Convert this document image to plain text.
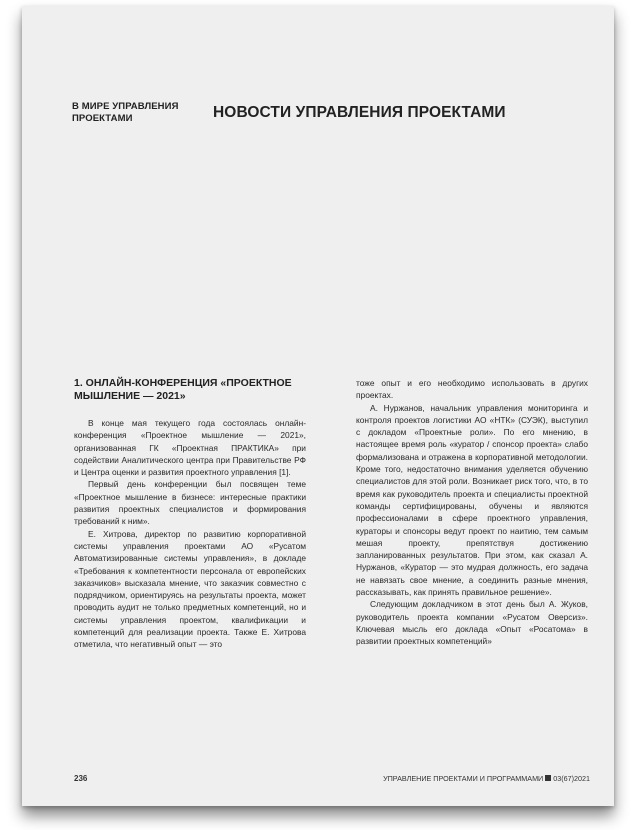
В МИРЕ УПРАВЛЕНИЯ
ПРОЕКТАМИ	НОВОСТИ УПРАВЛЕНИЯ ПРОЕКТАМИ
1. ОНЛАЙН-КОНФЕРЕНЦИЯ «ПРОЕКТНОЕ МЫШЛЕНИЕ — 2021»

В конце мая текущего года состоялась онлайн-конференция «Проектное мышление — 2021», организованная ГК «Проектная ПРАКТИКА» при содействии Аналитического центра при Правительстве РФ и Центра оценки и развития проектного управления [1].

Первый день конференции был посвящен теме «Проектное мышление в бизнесе: интересные практики развития проектных специалистов и формирования требований к ним».

Е. Хитрова, директор по развитию корпоративной системы управления проектами АО «Русатом Автоматизированные системы управления», в докладе «Требования к компетентности персонала от европейских заказчиков» высказала мнение, что заказчик совместно с подрядчиком, ориентируясь на результаты проекта, может проводить аудит не только предметных компетенций, но и системы управления проектом, квалификации и компетенций для реализации проекта. Также Е. Хитрова отметила, что негативный опыт — это

тоже опыт и его необходимо использовать в других проектах.

А. Нуржанов, начальник управления мониторинга и контроля проектов логистики АО «НТК» (СУЭК), выступил с докладом «Проектные роли». По его мнению, в настоящее время роль «куратор / спонсор проекта» слабо формализована и отражена в корпоративной методологии. Кроме того, недостаточно внимания уделяется обучению специалистов для этой роли. Возникает риск того, что, в то время как руководитель проекта и специалисты проектной команды сертифицированы, обучены и являются профессионалами в сфере проектного управления, кураторы и спонсоры ведут проект по наитию, тем самым мешая проекту, препятствуя достижению запланированных результатов. При этом, как сказал А. Нуржанов, «Куратор — это мудрая должность, его задача не навязать свое мнение, а соединить разные мнения, рассказывать, как принять правильное решение».

Следующим докладчиком в этот день был А. Жуков, руководитель проекта компании «Русатом Оверсиз». Ключевая мысль его доклада «Опыт «Росатома» в развитии проектных компетенций»

236	УПРАВЛЕНИЕ ПРОЕКТАМИ И ПРОГРАММАМИ 03(67)2021
